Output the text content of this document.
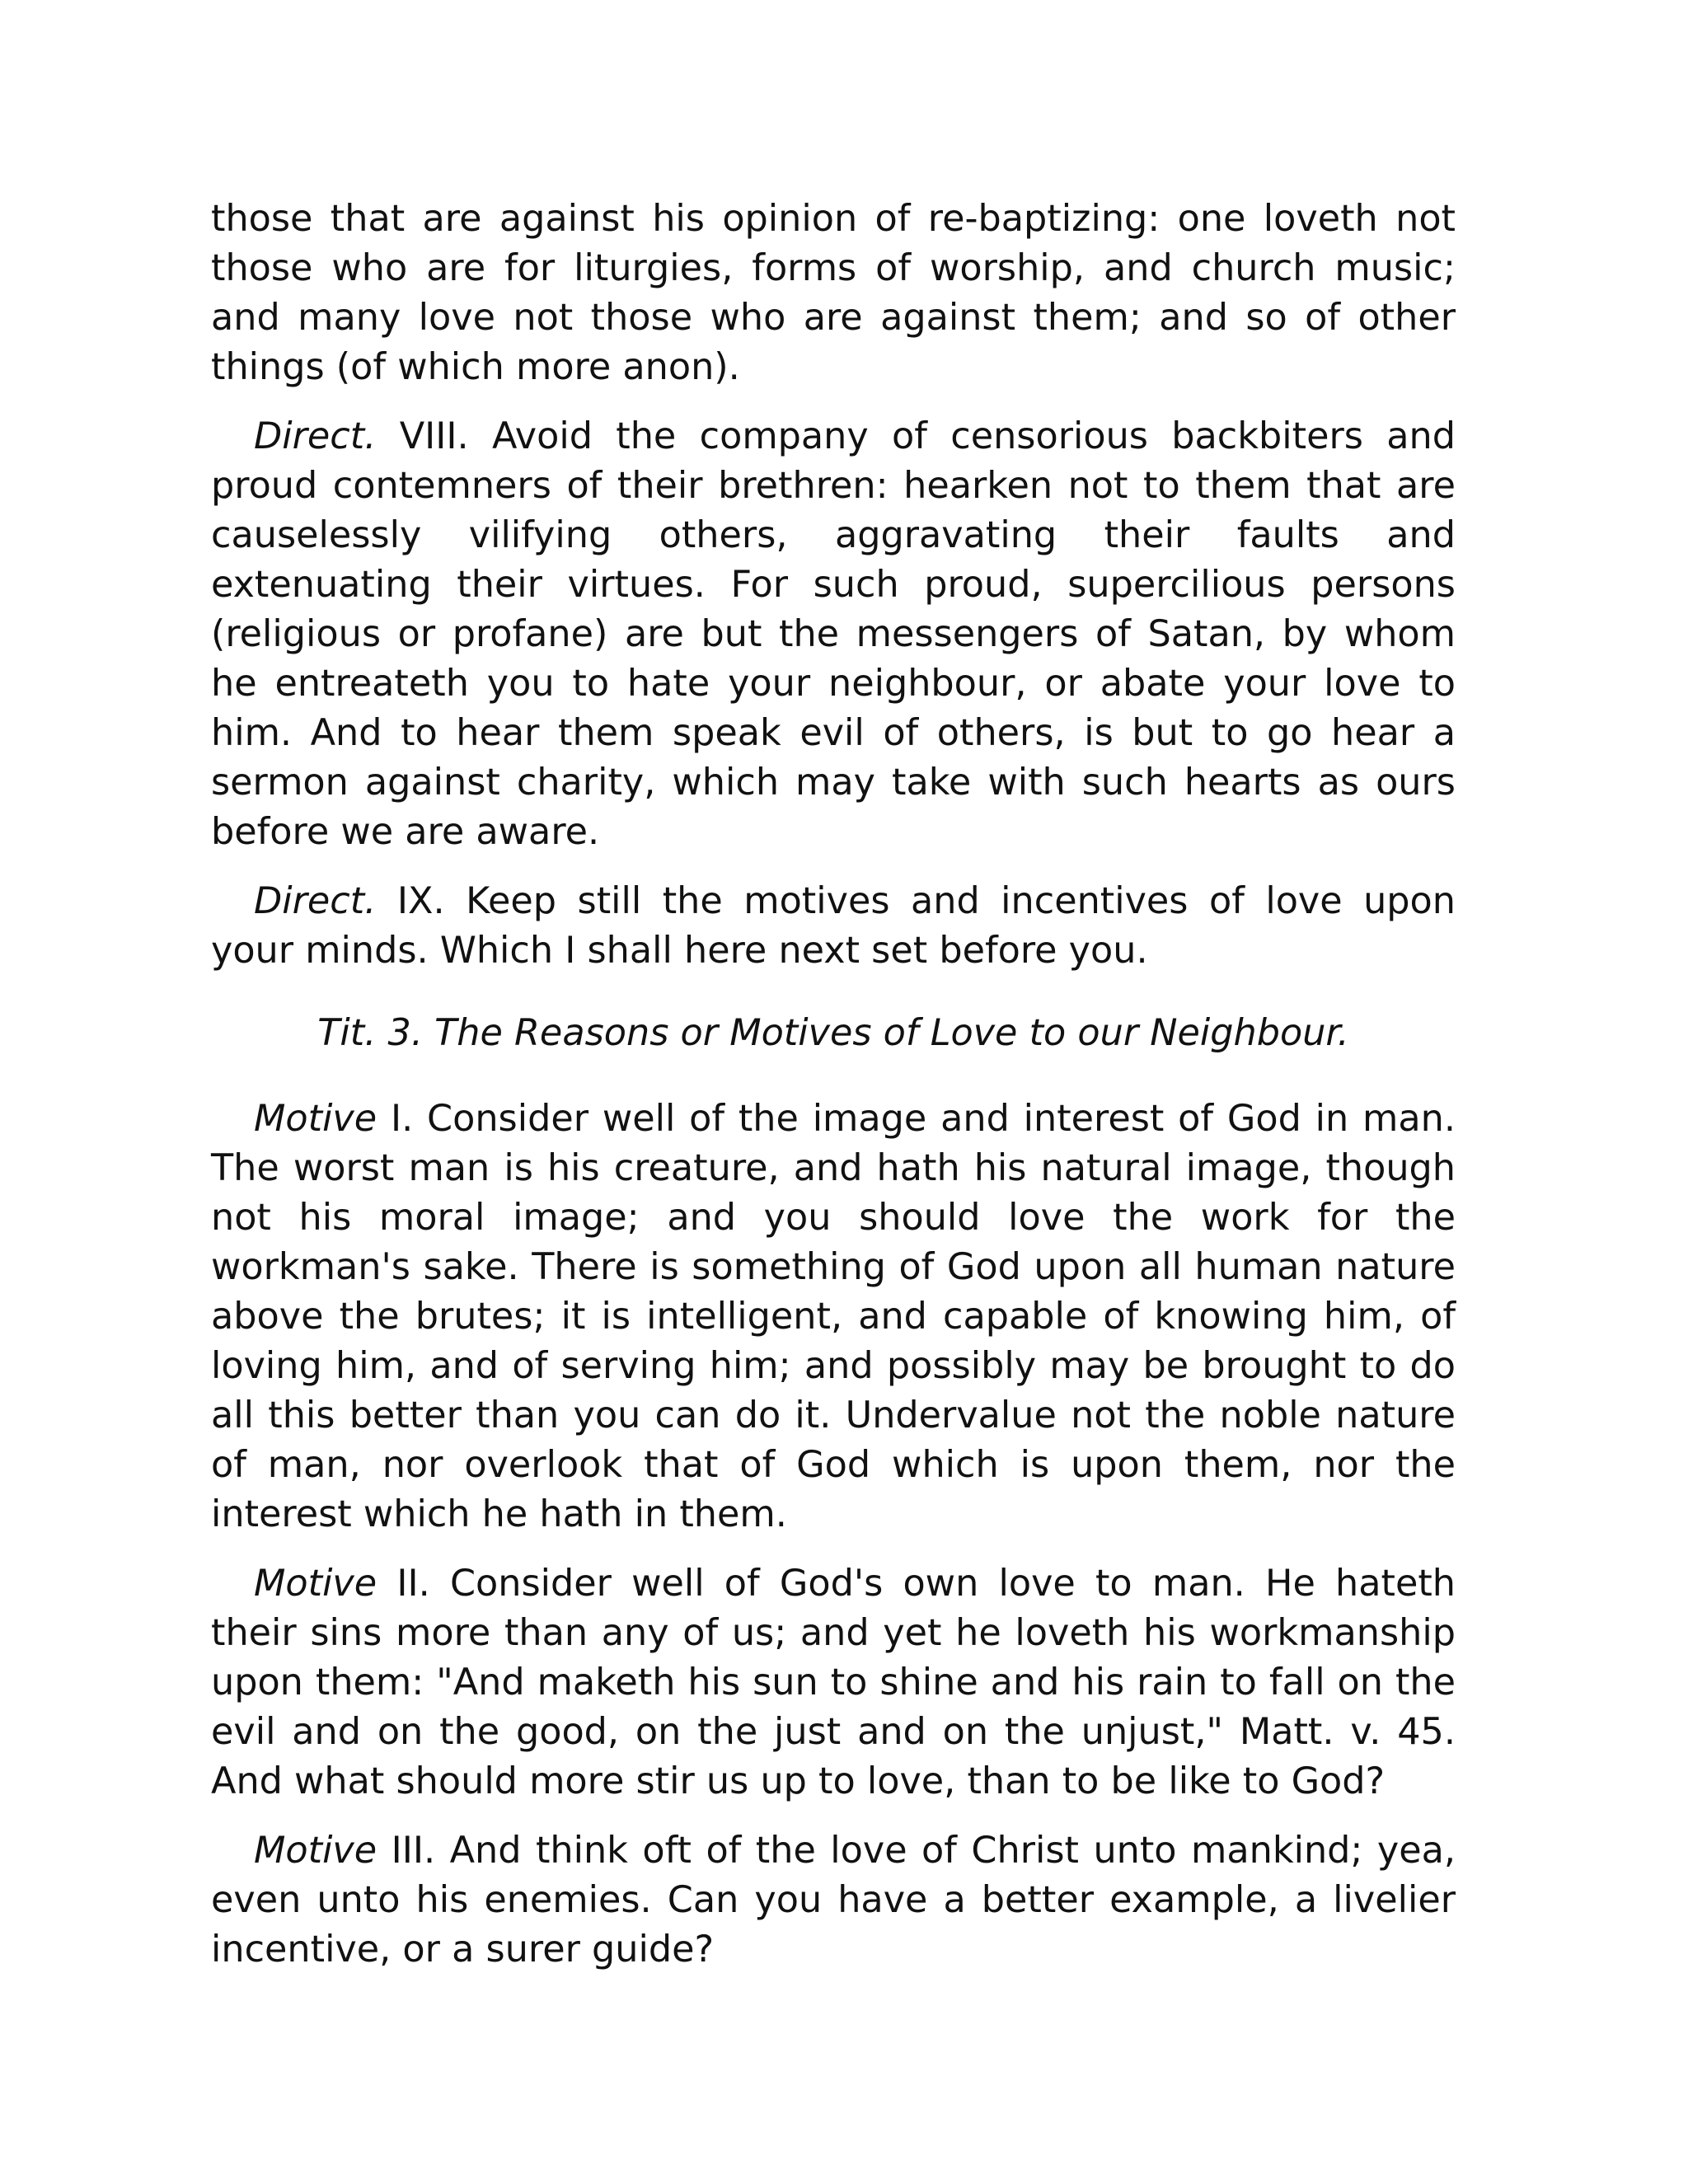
those that are against his opinion of re-baptizing: one loveth not those who are for liturgies, forms of worship, and church music; and many love not those who are against them; and so of other things (of which more anon).

Direct. VIII. Avoid the company of censorious backbiters and proud contemners of their brethren: hearken not to them that are causelessly vilifying others, aggravating their faults and extenuating their virtues. For such proud, supercilious persons (religious or profane) are but the messengers of Satan, by whom he entreateth you to hate your neighbour, or abate your love to him. And to hear them speak evil of others, is but to go hear a sermon against charity, which may take with such hearts as ours before we are aware.

Direct. IX. Keep still the motives and incentives of love upon your minds. Which I shall here next set before you.

Tit. 3. The Reasons or Motives of Love to our Neighbour.

Motive I. Consider well of the image and interest of God in man. The worst man is his creature, and hath his natural image, though not his moral image; and you should love the work for the workman's sake. There is something of God upon all human nature above the brutes; it is intelligent, and capable of knowing him, of loving him, and of serving him; and possibly may be brought to do all this better than you can do it. Undervalue not the noble nature of man, nor overlook that of God which is upon them, nor the interest which he hath in them.

Motive II. Consider well of God's own love to man. He hateth their sins more than any of us; and yet he loveth his workmanship upon them: "And maketh his sun to shine and his rain to fall on the evil and on the good, on the just and on the unjust," Matt. v. 45. And what should more stir us up to love, than to be like to God?

Motive III. And think oft of the love of Christ unto mankind; yea, even unto his enemies. Can you have a better example, a livelier incentive, or a surer guide?
